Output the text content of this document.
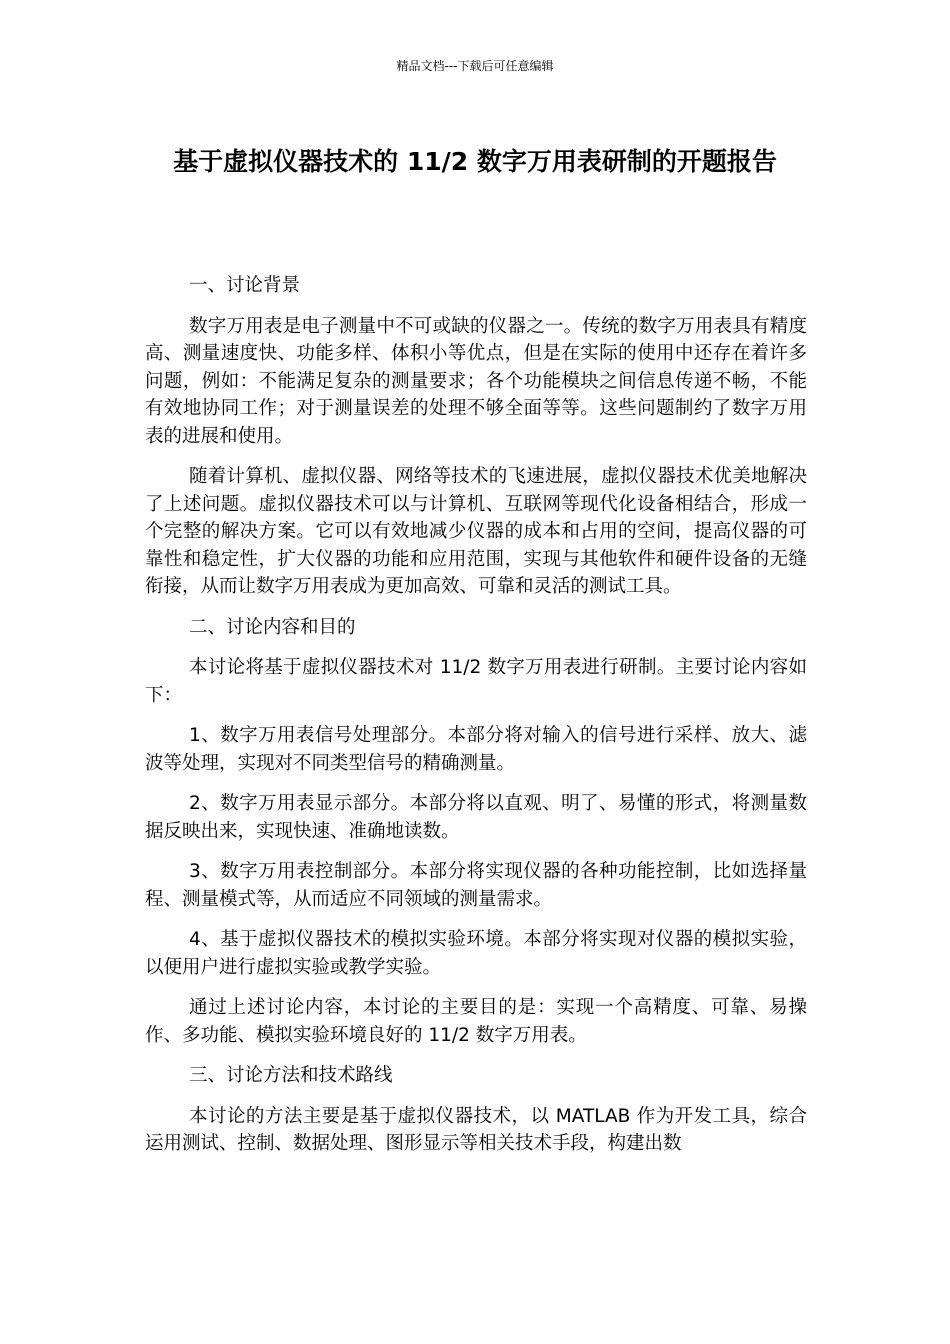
精品文档---下载后可任意编辑
基于虚拟仪器技术的 11/2 数字万用表研制的开题报告

一、讨论背景

数字万用表是电子测量中不可或缺的仪器之一。传统的数字万用表具有精度高、测量速度快、功能多样、体积小等优点，但是在实际的使用中还存在着许多问题，例如：不能满足复杂的测量要求；各个功能模块之间信息传递不畅，不能有效地协同工作；对于测量误差的处理不够全面等等。这些问题制约了数字万用表的进展和使用。

随着计算机、虚拟仪器、网络等技术的飞速进展，虚拟仪器技术优美地解决了上述问题。虚拟仪器技术可以与计算机、互联网等现代化设备相结合，形成一个完整的解决方案。它可以有效地减少仪器的成本和占用的空间，提高仪器的可靠性和稳定性，扩大仪器的功能和应用范围，实现与其他软件和硬件设备的无缝衔接，从而让数字万用表成为更加高效、可靠和灵活的测试工具。

二、讨论内容和目的

本讨论将基于虚拟仪器技术对 11/2 数字万用表进行研制。主要讨论内容如下：

1、数字万用表信号处理部分。本部分将对输入的信号进行采样、放大、滤波等处理，实现对不同类型信号的精确测量。

2、数字万用表显示部分。本部分将以直观、明了、易懂的形式，将测量数据反映出来，实现快速、准确地读数。

3、数字万用表控制部分。本部分将实现仪器的各种功能控制，比如选择量程、测量模式等，从而适应不同领域的测量需求。

4、基于虚拟仪器技术的模拟实验环境。本部分将实现对仪器的模拟实验，以便用户进行虚拟实验或教学实验。

通过上述讨论内容，本讨论的主要目的是：实现一个高精度、可靠、易操作、多功能、模拟实验环境良好的 11/2 数字万用表。

三、讨论方法和技术路线

本讨论的方法主要是基于虚拟仪器技术，以 MATLAB 作为开发工具，综合运用测试、控制、数据处理、图形显示等相关技术手段，构建出数
